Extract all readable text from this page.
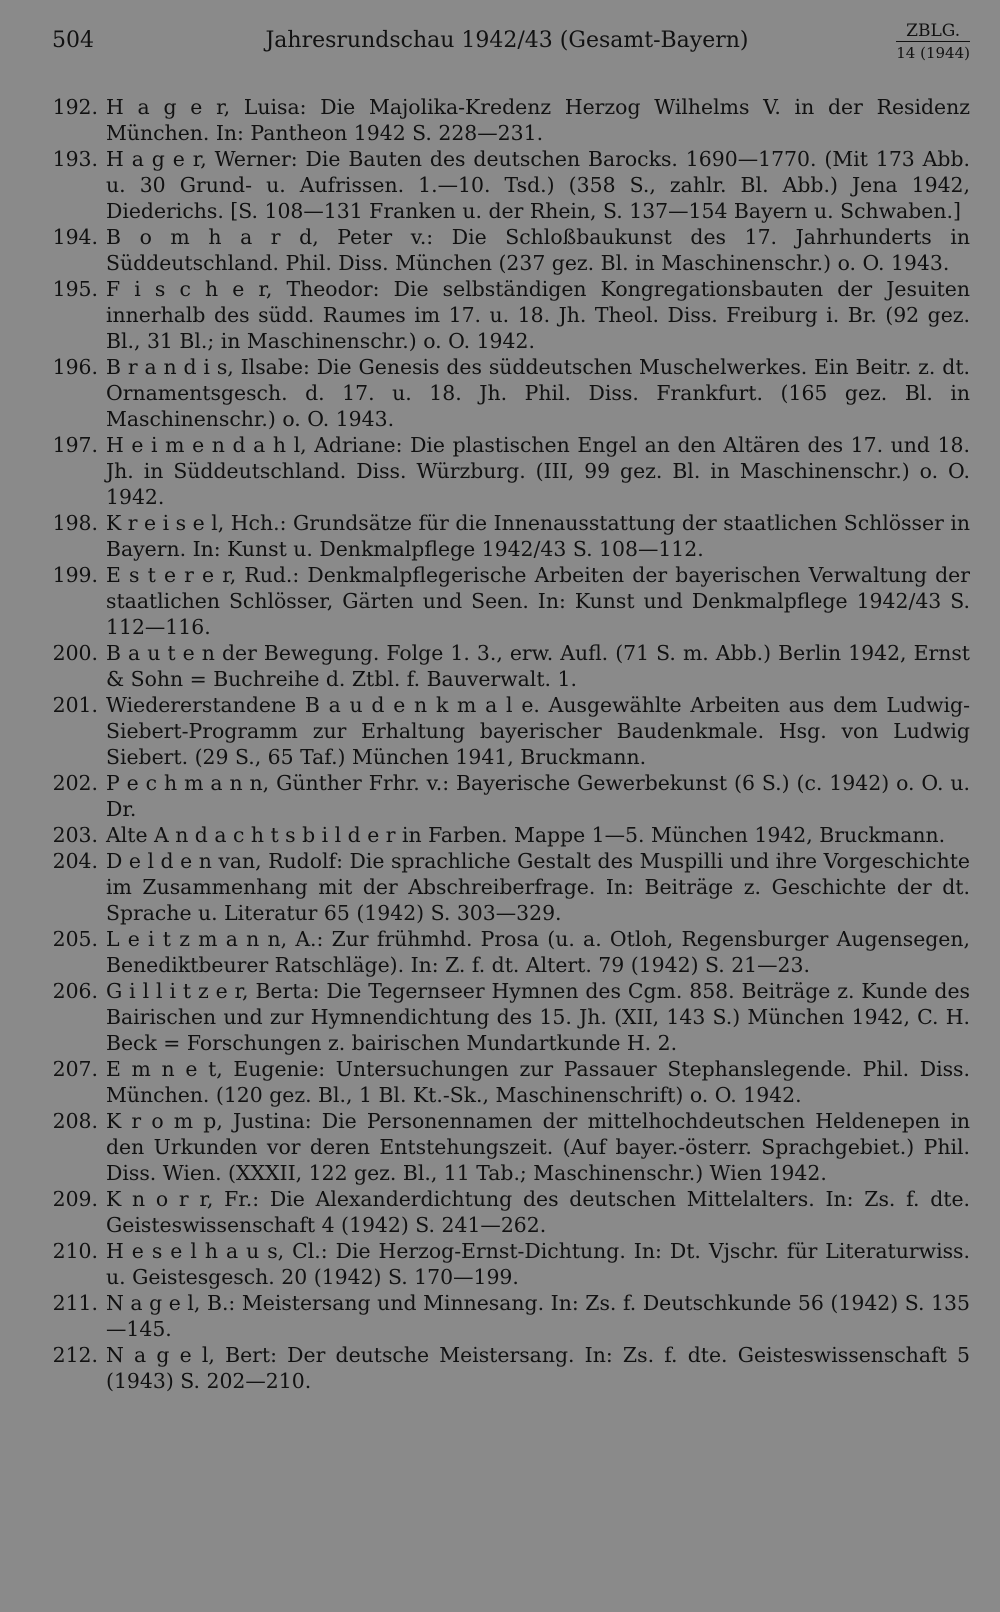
504	Jahresrundschau 1942/43 (Gesamt-Bayern)	ZBLG.
14 (1944)
192. H a g e r, Luisa: Die Majolika-Kredenz Herzog Wilhelms V. in der Residenz München. In: Pantheon 1942 S. 228—231.
193. H a g e r, Werner: Die Bauten des deutschen Barocks. 1690—1770. (Mit 173 Abb. u. 30 Grund- u. Aufrissen. 1.—10. Tsd.) (358 S., zahlr. Bl. Abb.) Jena 1942, Diederichs. [S. 108—131 Franken u. der Rhein, S. 137—154 Bayern u. Schwaben.]
194. B o m h a r d, Peter v.: Die Schloßbaukunst des 17. Jahrhunderts in Süddeutschland. Phil. Diss. München (237 gez. Bl. in Maschinenschr.) o. O. 1943.
195. F i s c h e r, Theodor: Die selbständigen Kongregationsbauten der Jesuiten innerhalb des südd. Raumes im 17. u. 18. Jh. Theol. Diss. Freiburg i. Br. (92 gez. Bl., 31 Bl.; in Maschinenschr.) o. O. 1942.
196. B r a n d i s, Ilsabe: Die Genesis des süddeutschen Muschelwerkes. Ein Beitr. z. dt. Ornamentsgesch. d. 17. u. 18. Jh. Phil. Diss. Frankfurt. (165 gez. Bl. in Maschinenschr.) o. O. 1943.
197. H e i m e n d a h l, Adriane: Die plastischen Engel an den Altären des 17. und 18. Jh. in Süddeutschland. Diss. Würzburg. (III, 99 gez. Bl. in Maschinenschr.) o. O. 1942.
198. K r e i s e l, Hch.: Grundsätze für die Innenausstattung der staatlichen Schlösser in Bayern. In: Kunst u. Denkmalpflege 1942/43 S. 108—112.
199. E s t e r e r, Rud.: Denkmalpflegerische Arbeiten der bayerischen Verwaltung der staatlichen Schlösser, Gärten und Seen. In: Kunst und Denkmalpflege 1942/43 S. 112—116.
200. B a u t e n der Bewegung. Folge 1. 3., erw. Aufl. (71 S. m. Abb.) Berlin 1942, Ernst & Sohn = Buchreihe d. Ztbl. f. Bauverwalt. 1.
201. Wiedererstandene B a u d e n k m a l e. Ausgewählte Arbeiten aus dem Ludwig-Siebert-Programm zur Erhaltung bayerischer Baudenkmale. Hsg. von Ludwig Siebert. (29 S., 65 Taf.) München 1941, Bruckmann.
202. P e c h m a n n, Günther Frhr. v.: Bayerische Gewerbekunst (6 S.) (c. 1942) o. O. u. Dr.
203. Alte A n d a c h t s b i l d e r in Farben. Mappe 1—5. München 1942, Bruckmann.
204. D e l d e n van, Rudolf: Die sprachliche Gestalt des Muspilli und ihre Vorgeschichte im Zusammenhang mit der Abschreiberfrage. In: Beiträge z. Geschichte der dt. Sprache u. Literatur 65 (1942) S. 303—329.
205. L e i t z m a n n, A.: Zur frühmhd. Prosa (u. a. Otloh, Regensburger Augensegen, Benediktbeurer Ratschläge). In: Z. f. dt. Altert. 79 (1942) S. 21—23.
206. G i l l i t z e r, Berta: Die Tegernseer Hymnen des Cgm. 858. Beiträge z. Kunde des Bairischen und zur Hymnendichtung des 15. Jh. (XII, 143 S.) München 1942, C. H. Beck = Forschungen z. bairischen Mundartkunde H. 2.
207. E m n e t, Eugenie: Untersuchungen zur Passauer Stephanslegende. Phil. Diss. München. (120 gez. Bl., 1 Bl. Kt.-Sk., Maschinenschrift) o. O. 1942.
208. K r o m p, Justina: Die Personennamen der mittelhochdeutschen Heldenepen in den Urkunden vor deren Entstehungszeit. (Auf bayer.-österr. Sprachgebiet.) Phil. Diss. Wien. (XXXII, 122 gez. Bl., 11 Tab.; Maschinenschr.) Wien 1942.
209. K n o r r, Fr.: Die Alexanderdichtung des deutschen Mittelalters. In: Zs. f. dte. Geisteswissenschaft 4 (1942) S. 241—262.
210. H e s e l h a u s, Cl.: Die Herzog-Ernst-Dichtung. In: Dt. Vjschr. für Literaturwiss. u. Geistesgesch. 20 (1942) S. 170—199.
211. N a g e l, B.: Meistersang und Minnesang. In: Zs. f. Deutschkunde 56 (1942) S. 135—145.
212. N a g e l, Bert: Der deutsche Meistersang. In: Zs. f. dte. Geisteswissenschaft 5 (1943) S. 202—210.
